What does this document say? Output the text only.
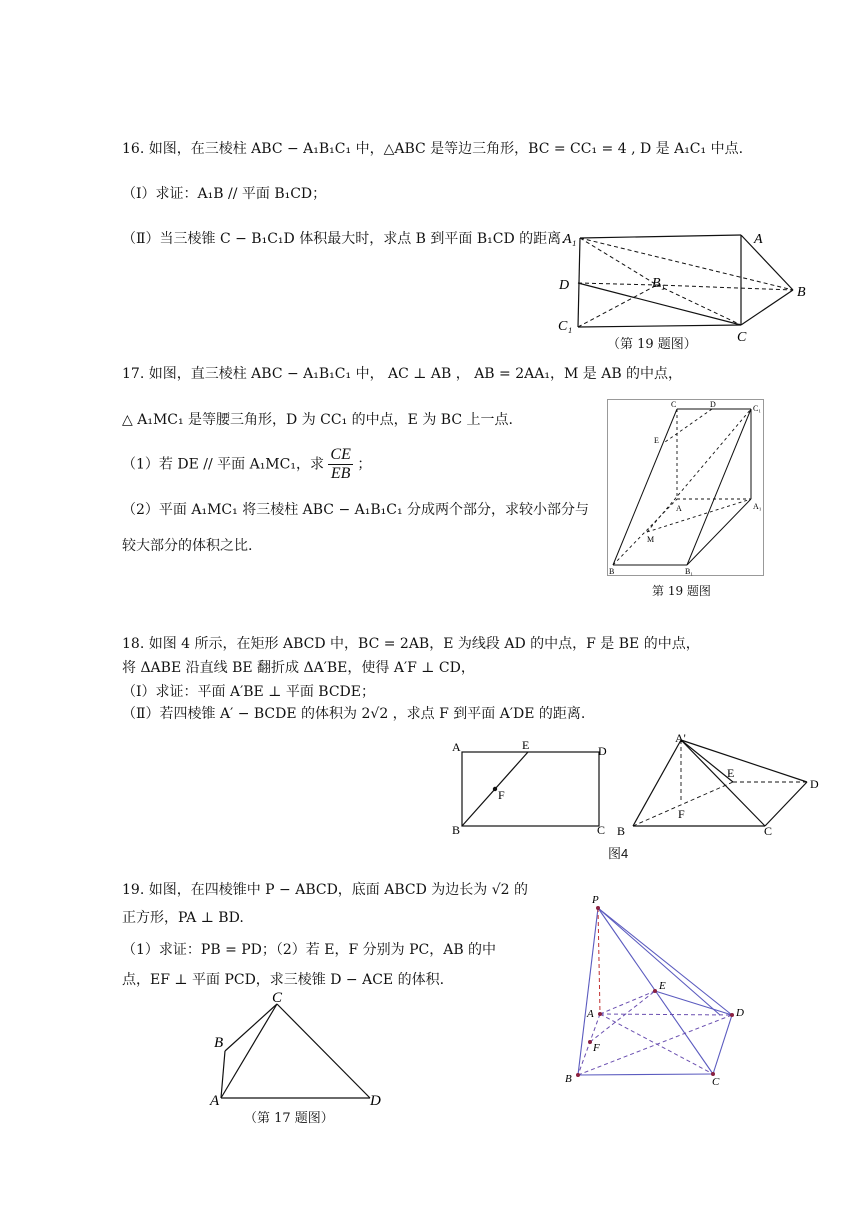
16. 如图，在三棱柱 ABC − A₁B₁C₁ 中，△ABC 是等边三角形，BC = CC₁ = 4 , D 是 A₁C₁ 中点.
（Ⅰ）求证：A₁B // 平面 B₁CD；
（Ⅱ）当三棱锥 C − B₁C₁D 体积最大时，求点 B 到平面 B₁CD 的距离.
A₁	A
D	B₁
B
C₁
C
（第 19 题图）
17. 如图，直三棱柱 ABC − A₁B₁C₁ 中， AC ⊥ AB ， AB = 2AA₁，M 是 AB 的中点，
△ A₁MC₁ 是等腰三角形，D 为 CC₁ 的中点，E 为 BC 上一点.
（1）若 DE // 平面 A₁MC₁，求 $\frac{CE}{EB}$ ；
（2）平面 A₁MC₁ 将三棱柱 ABC − A₁B₁C₁ 分成两个部分，求较小部分与
较大部分的体积之比.
C	D	C₁
E
A	A₁
M
B	B₁
第 19 题图
18. 如图 4 所示，在矩形 ABCD 中，BC = 2AB，E 为线段 AD 的中点，F 是 BE 的中点，
将 ΔABE 沿直线 BE 翻折成 ΔA′BE，使得 A′F ⊥ CD，
（Ⅰ）求证：平面 A′BE ⊥ 平面 BCDE；
（Ⅱ）若四棱锥 A′ − BCDE 的体积为 2√2 ，求点 F 到平面 A′DE 的距离.
A	E	D
F
B	C
A'
E
D
F
B	C
图4
19. 如图，在四棱锥中 P − ABCD，底面 ABCD 为边长为 √2 的
正方形，PA ⊥ BD.
（1）求证：PB = PD；（2）若 E，F 分别为 PC，AB 的中
点，EF ⊥ 平面 PCD，求三棱锥 D − ACE 的体积.
C
B
A	D
（第 17 题图）
P
E
A	D
F
B	C
